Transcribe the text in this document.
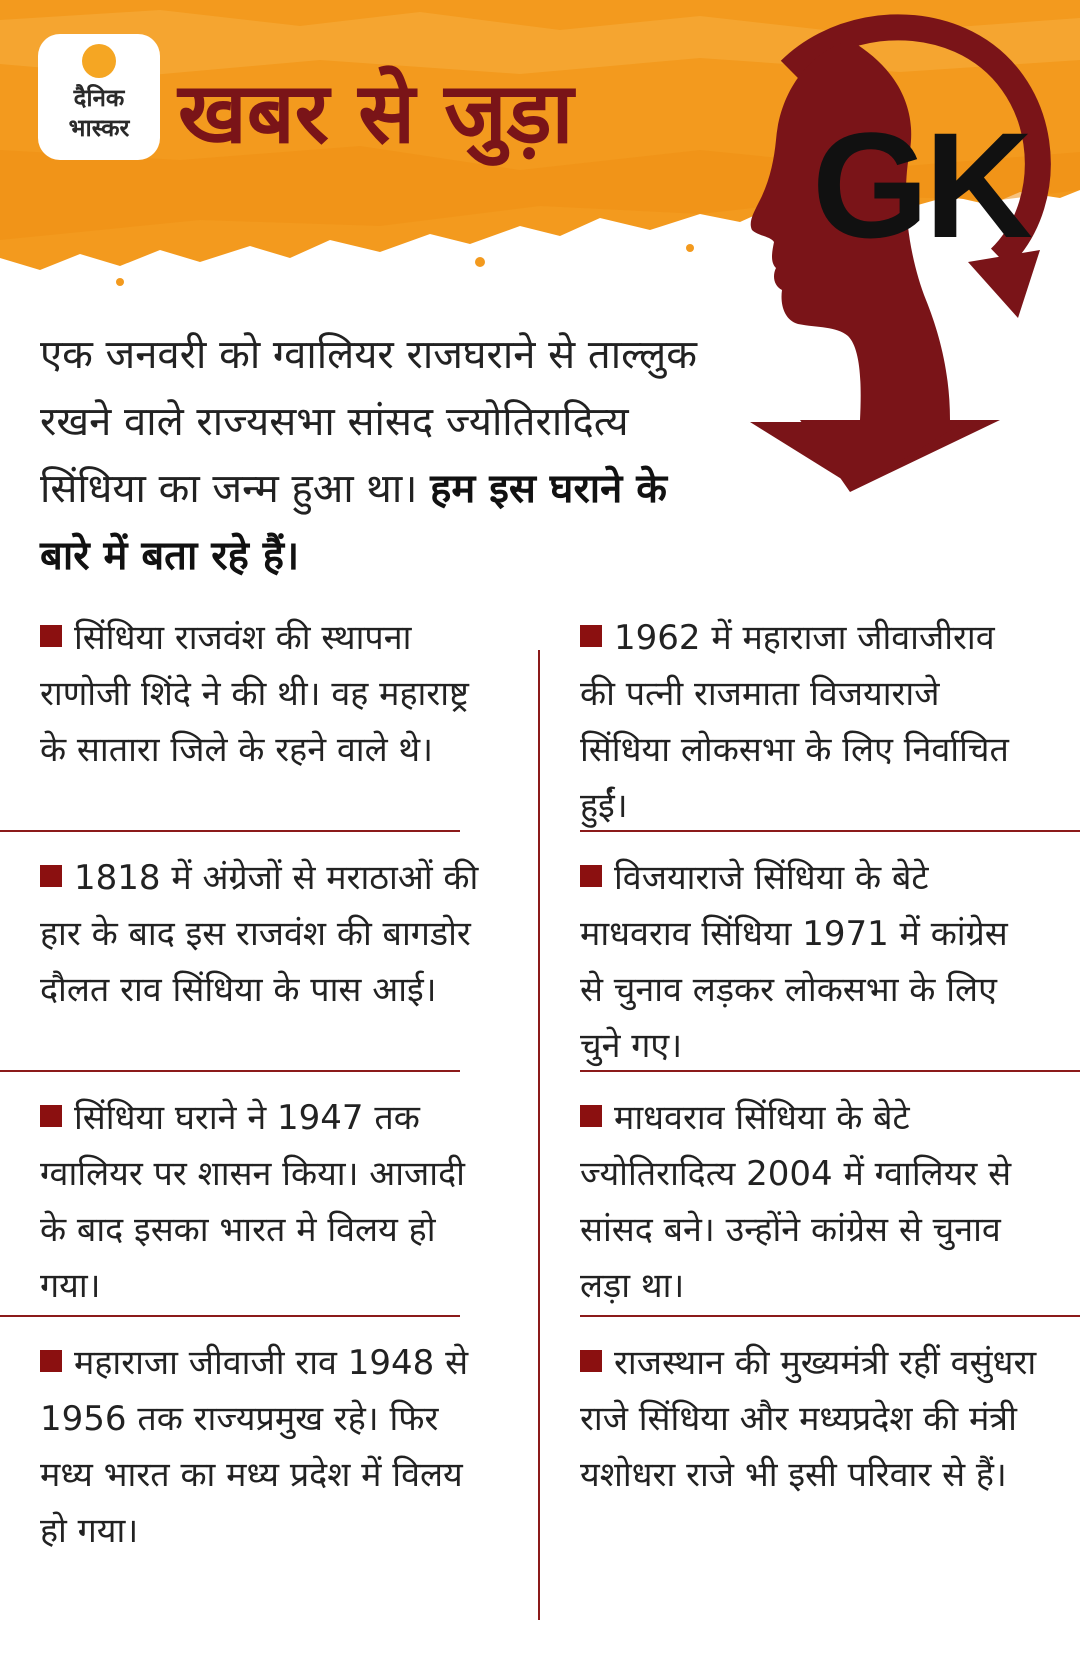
दैनिक
भास्कर खबर से जुड़ा GK
एक जनवरी को ग्वालियर राजघराने से ताल्लुक रखने वाले राज्यसभा सांसद ज्योतिरादित्य सिंधिया का जन्म हुआ था। हम इस घराने के बारे में बता रहे हैं।
सिंधिया राजवंश की स्थापना राणोजी शिंदे ने की थी। वह महाराष्ट्र के सातारा जिले के रहने वाले थे।
1818 में अंग्रेजों से मराठाओं की हार के बाद इस राजवंश की बागडोर दौलत राव सिंधिया के पास आई।
सिंधिया घराने ने 1947 तक ग्वालियर पर शासन किया। आजादी के बाद इसका भारत मे विलय हो गया।
महाराजा जीवाजी राव 1948 से 1956 तक राज्यप्रमुख रहे। फिर मध्य भारत का मध्य प्रदेश में विलय हो गया।
1962 में महाराजा जीवाजीराव की पत्नी राजमाता विजयाराजे सिंधिया लोकसभा के लिए निर्वाचित हुईं।
विजयाराजे सिंधिया के बेटे माधवराव सिंधिया 1971 में कांग्रेस से चुनाव लड़कर लोकसभा के लिए चुने गए।
माधवराव सिंधिया के बेटे ज्योतिरादित्य 2004 में ग्वालियर से सांसद बने। उन्होंने कांग्रेस से चुनाव लड़ा था।
राजस्थान की मुख्यमंत्री रहीं वसुंधरा राजे सिंधिया और मध्यप्रदेश की मंत्री यशोधरा राजे भी इसी परिवार से हैं।
